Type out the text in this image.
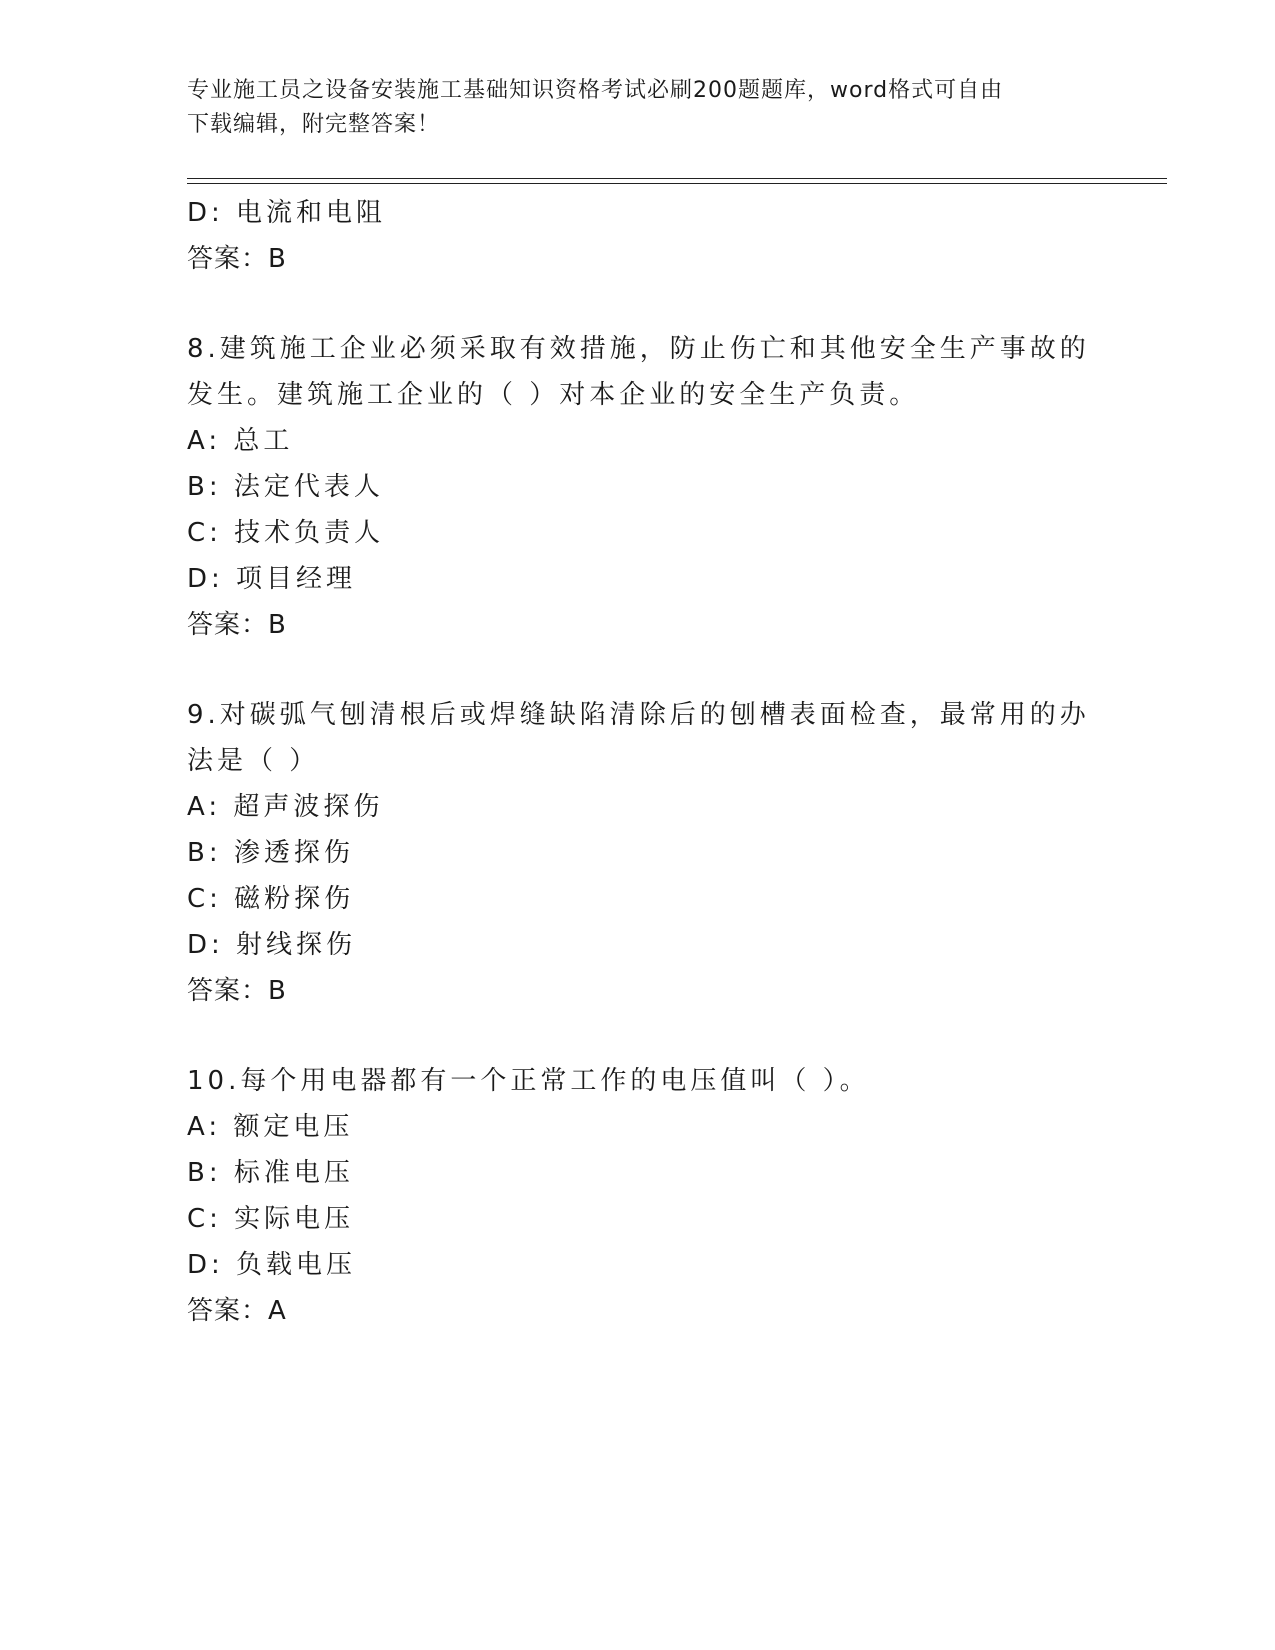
专业施工员之设备安装施工基础知识资格考试必刷200题题库，word格式可自由
下载编辑，附完整答案！
D: 电流和电阻
答案：B
8.建筑施工企业必须采取有效措施，防止伤亡和其他安全生产事故的
发生。建筑施工企业的（ ）对本企业的安全生产负责。
A: 总工
B: 法定代表人
C: 技术负责人
D: 项目经理
答案：B
9.对碳弧气刨清根后或焊缝缺陷清除后的刨槽表面检查，最常用的办
法是（ ）
A: 超声波探伤
B: 渗透探伤
C: 磁粉探伤
D: 射线探伤
答案：B
10.每个用电器都有一个正常工作的电压值叫（ ）。
A: 额定电压
B: 标准电压
C: 实际电压
D: 负载电压
答案：A
